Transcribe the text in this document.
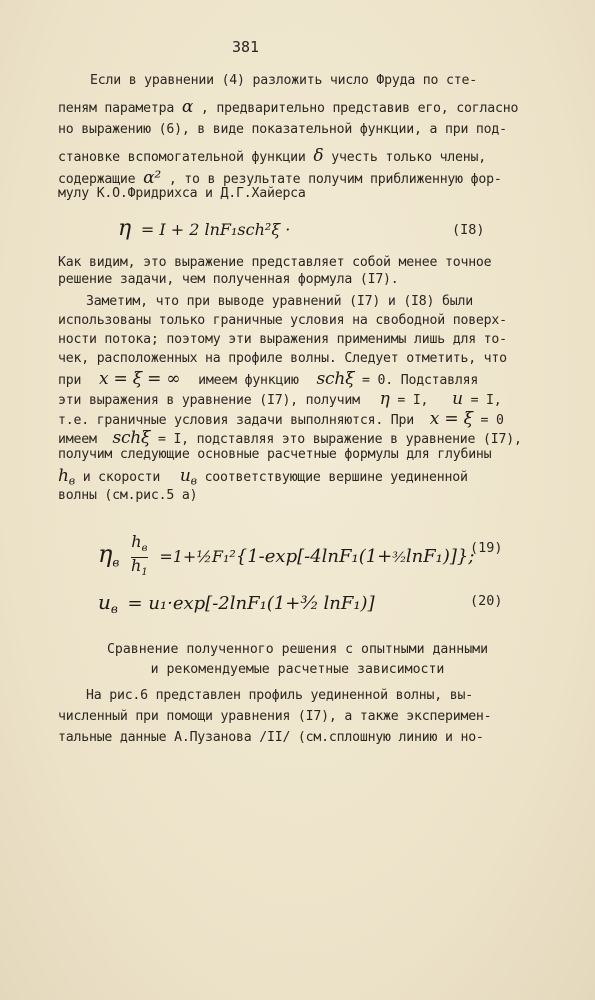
381
Если в уравнении (4) разложить число Фруда по сте-
пеням параметра α , предварительно представив его, согласно
но выражению (6), в виде показательной функции, а при под-
становке вспомогательной функции δ учесть только члены,
содержащие α² , то в результате получим приближенную фор-
мулу К.О.Фридрихса и Д.Г.Хайерса
η = I + 2 lnF₁sch²ξ ·	(I8)
Как видим, это выражение представляет собой менее точное
решение задачи, чем полученная формула (I7).
Заметим, что при выводе уравнений (I7) и (I8) были
использованы только граничные условия на свободной поверх-
ности потока; поэтому эти выражения применимы лишь для то-
чек, расположенных на профиле волны. Следует отметить, что
при x = ξ = ∞ имеем функцию schξ = 0. Подставляя
эти выражения в уравнение (I7), получим η = I, u = I,
т.е. граничные условия задачи выполняются. При x = ξ = 0
имеем schξ = I, подставляя это выражение в уравнение (I7),
получим следующие основные расчетные формулы для глубины
$h_в$ и скорости $u_в$ соответствующие вершине уединенной
волны (см.рис.5 а)
$\eta_в$
$h_в$
$h_1$
=1+½F₁²{1-exp[-4lnF₁(1+³⁄₂lnF₁)]};
(19)
$u_в$ = u₁·exp[-2lnF₁(1+³⁄₂ lnF₁)]	(20)
Сравнение полученного решения с опытными данными
и рекомендуемые расчетные зависимости
На рис.6 представлен профиль уединенной волны, вы-
численный при помощи уравнения (I7), а также эксперимен-
тальные данные А.Пузанова /II/ (см.сплошную линию и но-
